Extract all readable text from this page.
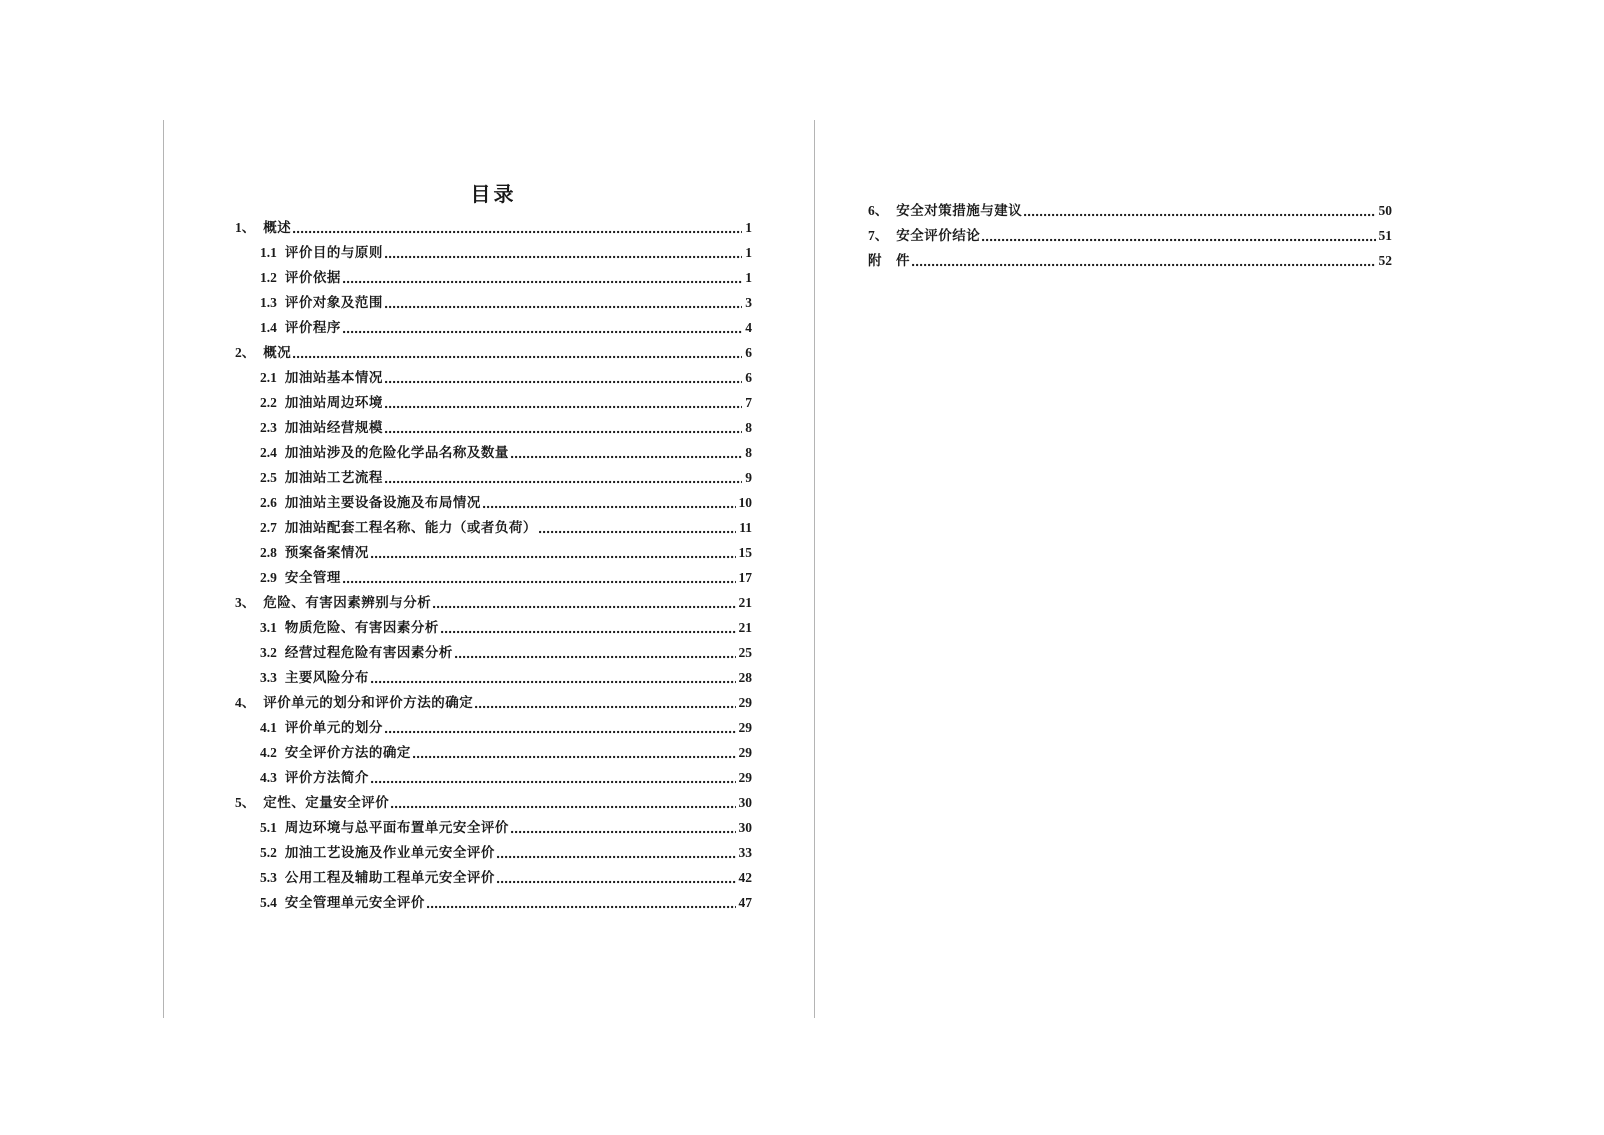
目录
1、 概述	1
1.1 评价目的与原则	1
1.2 评价依据	1
1.3 评价对象及范围	3
1.4 评价程序	4
2、 概况	6
2.1 加油站基本情况	6
2.2 加油站周边环境	7
2.3 加油站经营规模	8
2.4 加油站涉及的危险化学品名称及数量	8
2.5 加油站工艺流程	9
2.6 加油站主要设备设施及布局情况	10
2.7 加油站配套工程名称、能力（或者负荷）	11
2.8 预案备案情况	15
2.9 安全管理	17
3、 危险、有害因素辨别与分析	21
3.1 物质危险、有害因素分析	21
3.2 经营过程危险有害因素分析	25
3.3 主要风险分布	28
4、 评价单元的划分和评价方法的确定	29
4.1 评价单元的划分	29
4.2 安全评价方法的确定	29
4.3 评价方法简介	29
5、 定性、定量安全评价	30
5.1 周边环境与总平面布置单元安全评价	30
5.2 加油工艺设施及作业单元安全评价	33
5.3 公用工程及辅助工程单元安全评价	42
5.4 安全管理单元安全评价	47
6、 安全对策措施与建议	50
7、 安全评价结论	51
附　件	52
